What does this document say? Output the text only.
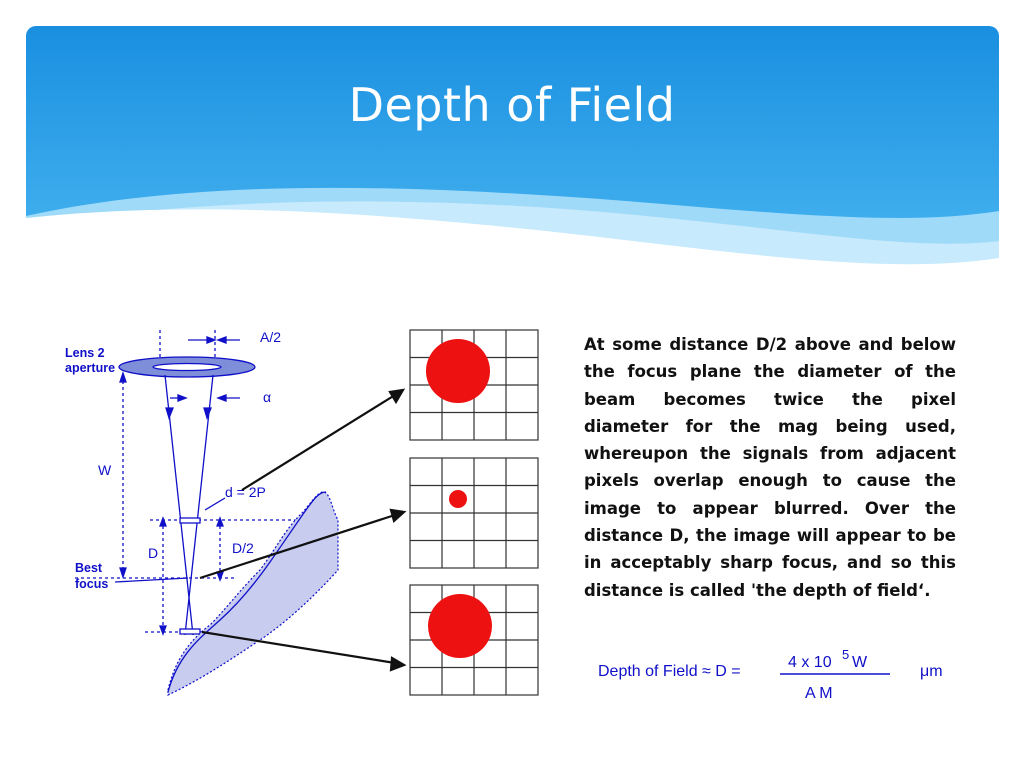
Depth of Field
Lens 2
aperture
Best
focus
A/2
α
W
d = 2P
D	D/2

At some distance D/2 above and below the focus plane the diameter of the beam becomes twice the pixel diameter for the mag being used, whereupon the signals from adjacent pixels overlap enough to cause the image to appear blurred. Over the distance D, the image will appear to be in acceptably sharp focus, and so this distance is called 'the depth of field‘.

Depth of Field ≈ D =
4 x 10 5 W
A M
μm
